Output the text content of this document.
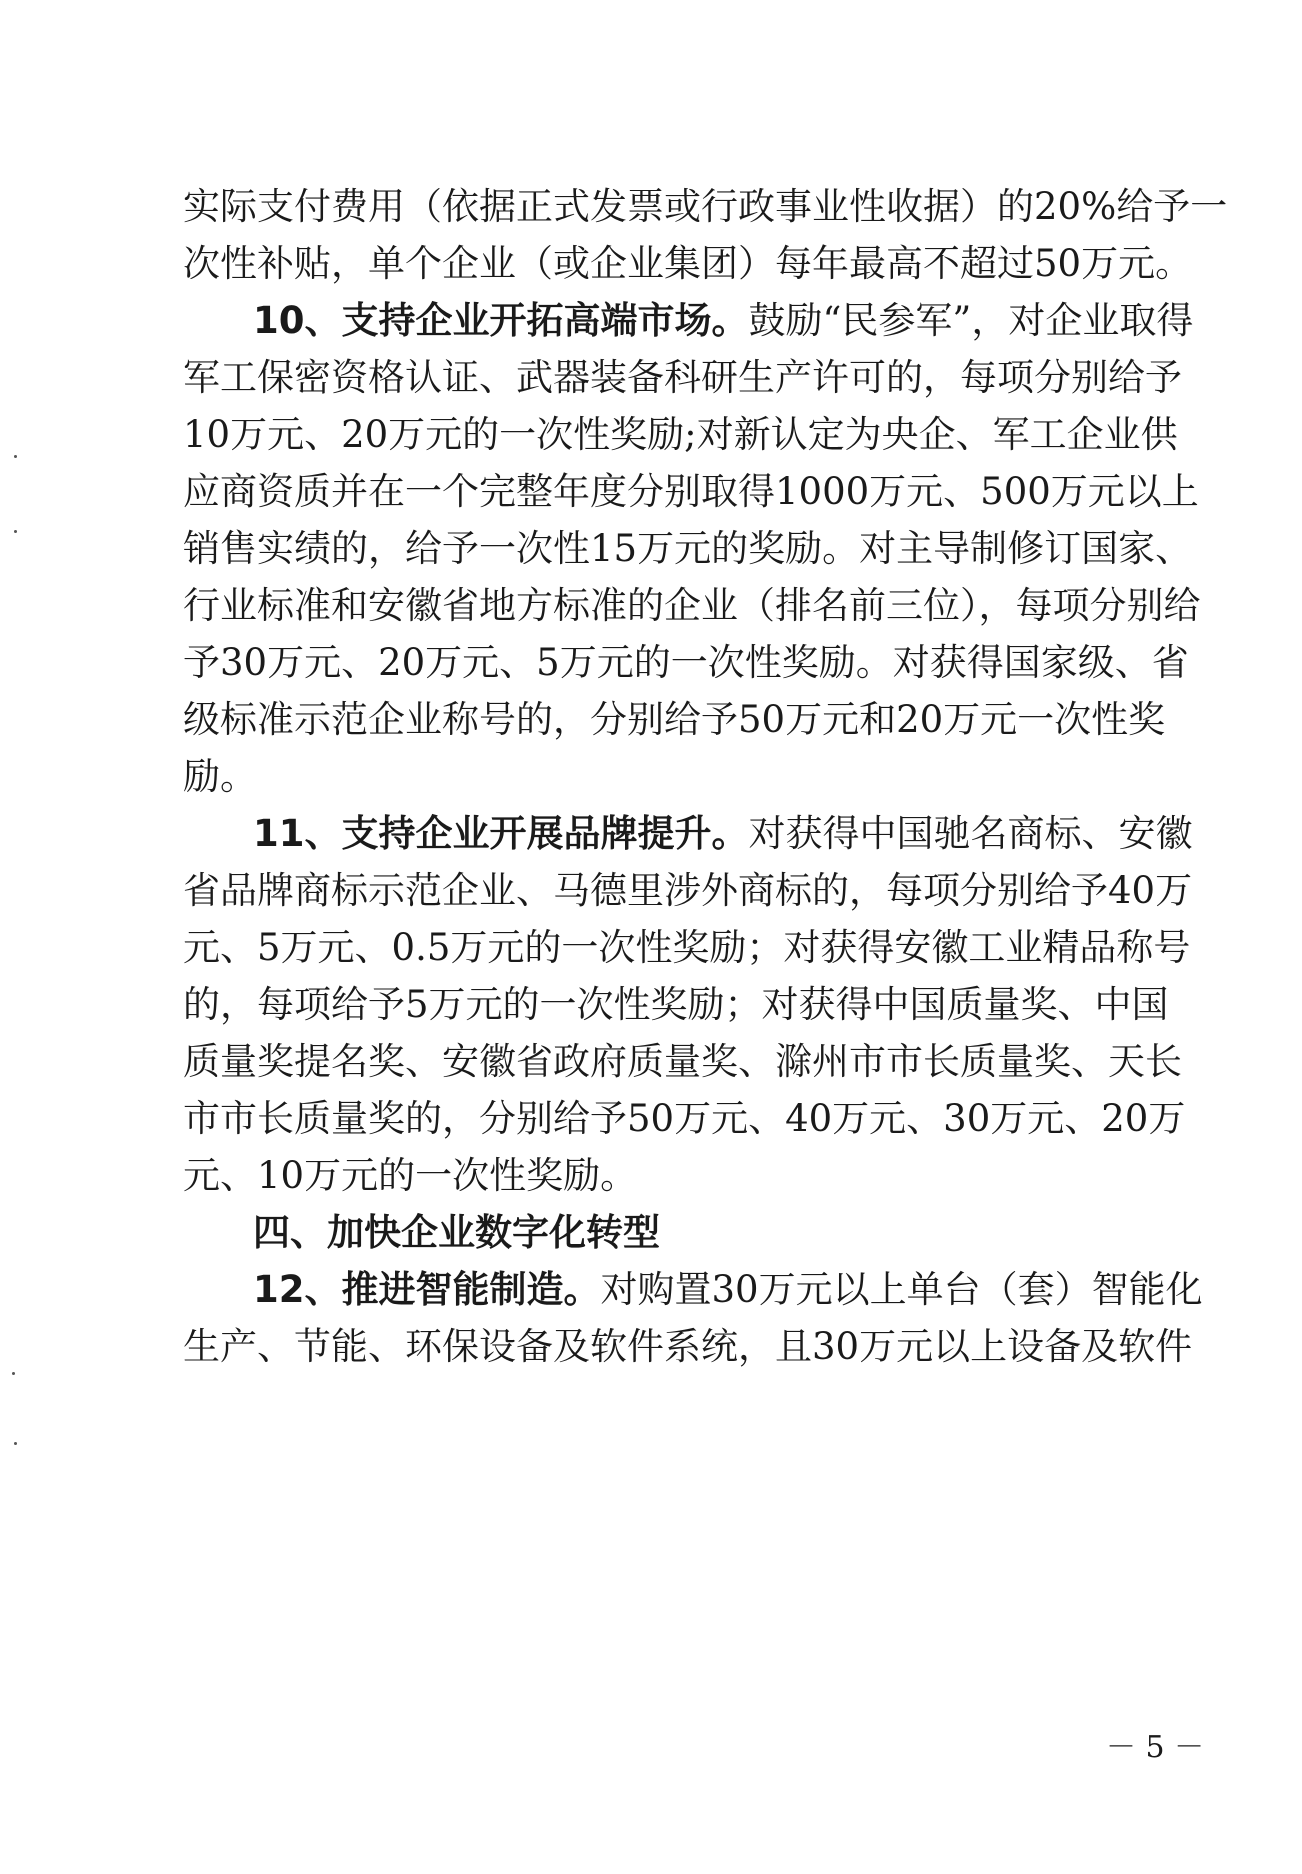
实际支付费用（依据正式发票或行政事业性收据）的20%给予一
次性补贴，单个企业（或企业集团）每年最高不超过50万元。
10、支持企业开拓高端市场。鼓励“民参军”，对企业取得
军工保密资格认证、武器装备科研生产许可的，每项分别给予
10万元、20万元的一次性奖励;对新认定为央企、军工企业供
应商资质并在一个完整年度分别取得1000万元、500万元以上
销售实绩的，给予一次性15万元的奖励。对主导制修订国家、
行业标准和安徽省地方标准的企业（排名前三位），每项分别给
予30万元、20万元、5万元的一次性奖励。对获得国家级、省
级标准示范企业称号的，分别给予50万元和20万元一次性奖
励。
11、支持企业开展品牌提升。对获得中国驰名商标、安徽
省品牌商标示范企业、马德里涉外商标的，每项分别给予40万
元、5万元、0.5万元的一次性奖励；对获得安徽工业精品称号
的，每项给予5万元的一次性奖励；对获得中国质量奖、中国
质量奖提名奖、安徽省政府质量奖、滁州市市长质量奖、天长
市市长质量奖的，分别给予50万元、40万元、30万元、20万
元、10万元的一次性奖励。
四、加快企业数字化转型
12、推进智能制造。对购置30万元以上单台（套）智能化
生产、节能、环保设备及软件系统，且30万元以上设备及软件
－ 5 －
